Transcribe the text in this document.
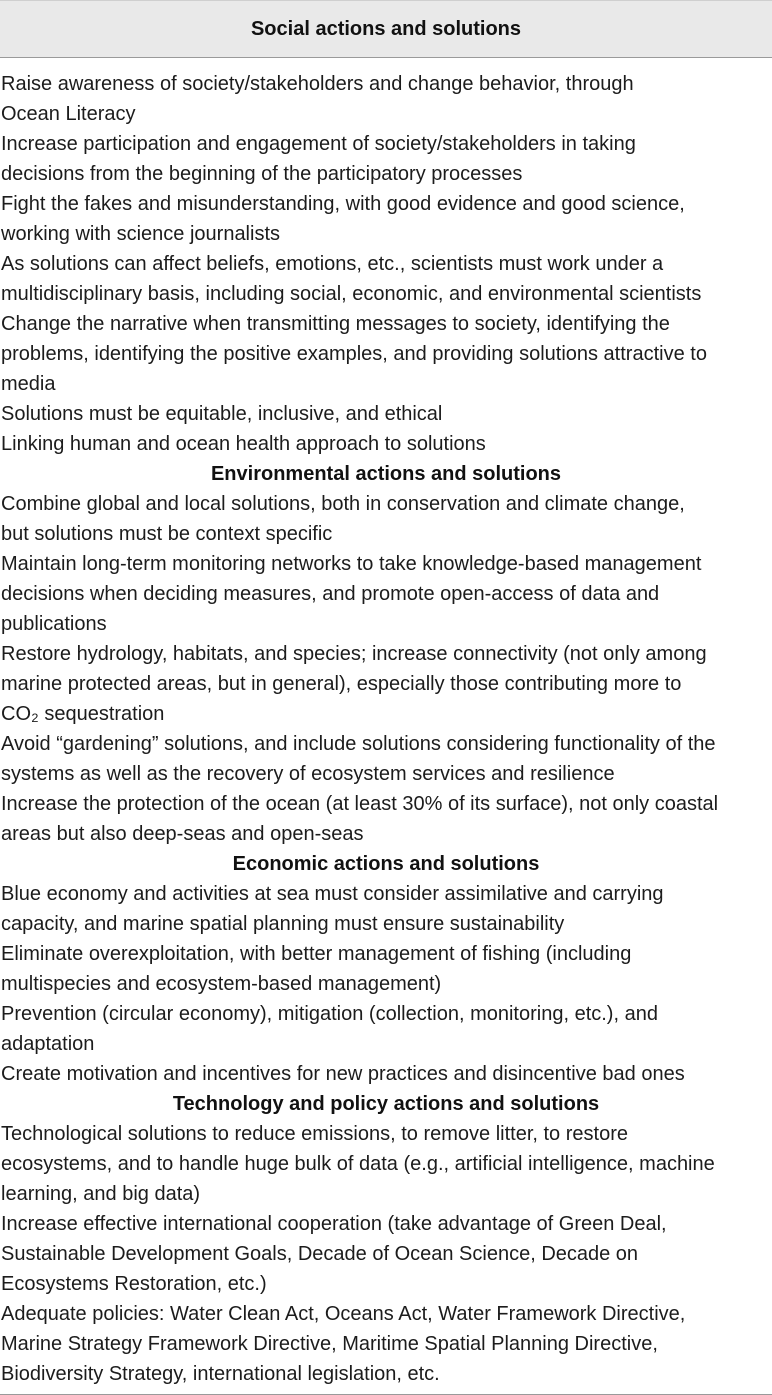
Social actions and solutions
Raise awareness of society/stakeholders and change behavior, through
Ocean Literacy
Increase participation and engagement of society/stakeholders in taking
decisions from the beginning of the participatory processes
Fight the fakes and misunderstanding, with good evidence and good science,
working with science journalists
As solutions can affect beliefs, emotions, etc., scientists must work under a
multidisciplinary basis, including social, economic, and environmental scientists
Change the narrative when transmitting messages to society, identifying the
problems, identifying the positive examples, and providing solutions attractive to
media
Solutions must be equitable, inclusive, and ethical
Linking human and ocean health approach to solutions
Environmental actions and solutions
Combine global and local solutions, both in conservation and climate change,
but solutions must be context specific
Maintain long-term monitoring networks to take knowledge-based management
decisions when deciding measures, and promote open-access of data and
publications
Restore hydrology, habitats, and species; increase connectivity (not only among
marine protected areas, but in general), especially those contributing more to
CO₂ sequestration
Avoid “gardening” solutions, and include solutions considering functionality of the
systems as well as the recovery of ecosystem services and resilience
Increase the protection of the ocean (at least 30% of its surface), not only coastal
areas but also deep-seas and open-seas
Economic actions and solutions
Blue economy and activities at sea must consider assimilative and carrying
capacity, and marine spatial planning must ensure sustainability
Eliminate overexploitation, with better management of fishing (including
multispecies and ecosystem-based management)
Prevention (circular economy), mitigation (collection, monitoring, etc.), and
adaptation
Create motivation and incentives for new practices and disincentive bad ones
Technology and policy actions and solutions
Technological solutions to reduce emissions, to remove litter, to restore
ecosystems, and to handle huge bulk of data (e.g., artificial intelligence, machine
learning, and big data)
Increase effective international cooperation (take advantage of Green Deal,
Sustainable Development Goals, Decade of Ocean Science, Decade on
Ecosystems Restoration, etc.)
Adequate policies: Water Clean Act, Oceans Act, Water Framework Directive,
Marine Strategy Framework Directive, Maritime Spatial Planning Directive,
Biodiversity Strategy, international legislation, etc.
